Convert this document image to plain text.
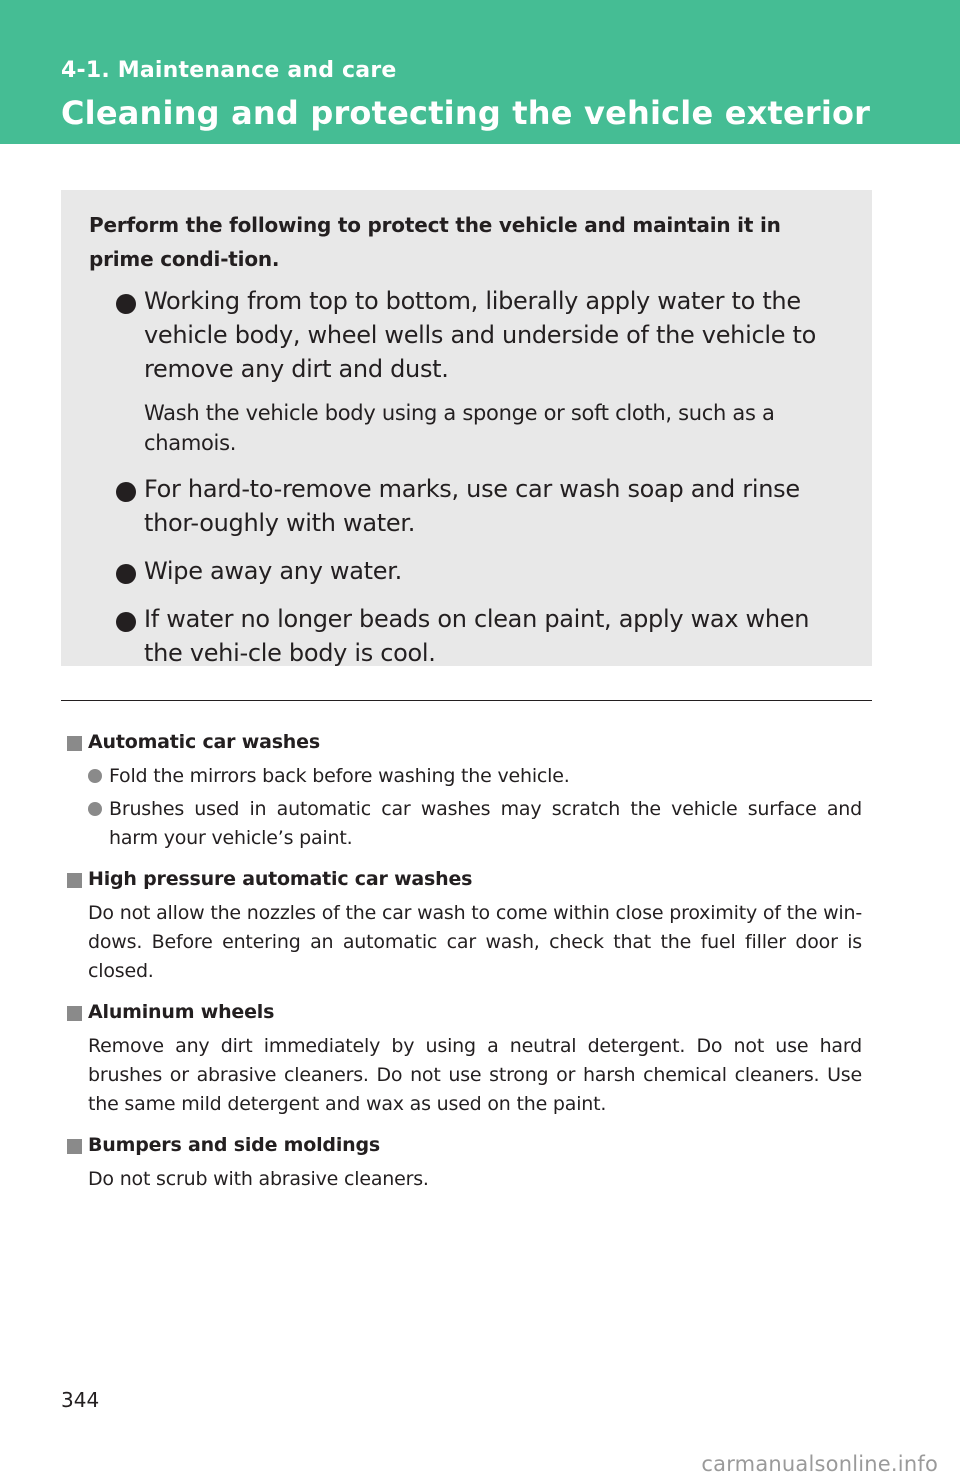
4-1. Maintenance and care
Cleaning and protecting the vehicle exterior

Perform the following to protect the vehicle and maintain it in prime condi-tion.

Working from top to bottom, liberally apply water to the vehicle body, wheel wells and underside of the vehicle to remove any dirt and dust.
Wash the vehicle body using a sponge or soft cloth, such as a chamois.
For hard-to-remove marks, use car wash soap and rinse thor-oughly with water.
Wipe away any water.
If water no longer beads on clean paint, apply wax when the vehi-cle body is cool.
Automatic car washes
Fold the mirrors back before washing the vehicle.
Brushes used in automatic car washes may scratch the vehicle surface and harm your vehicle’s paint.
High pressure automatic car washes
Do not allow the nozzles of the car wash to come within close proximity of the win-dows. Before entering an automatic car wash, check that the fuel filler door is closed.
Aluminum wheels
Remove any dirt immediately by using a neutral detergent. Do not use hard brushes or abrasive cleaners. Do not use strong or harsh chemical cleaners. Use the same mild detergent and wax as used on the paint.
Bumpers and side moldings
Do not scrub with abrasive cleaners.
344
carmanualsonline.info
